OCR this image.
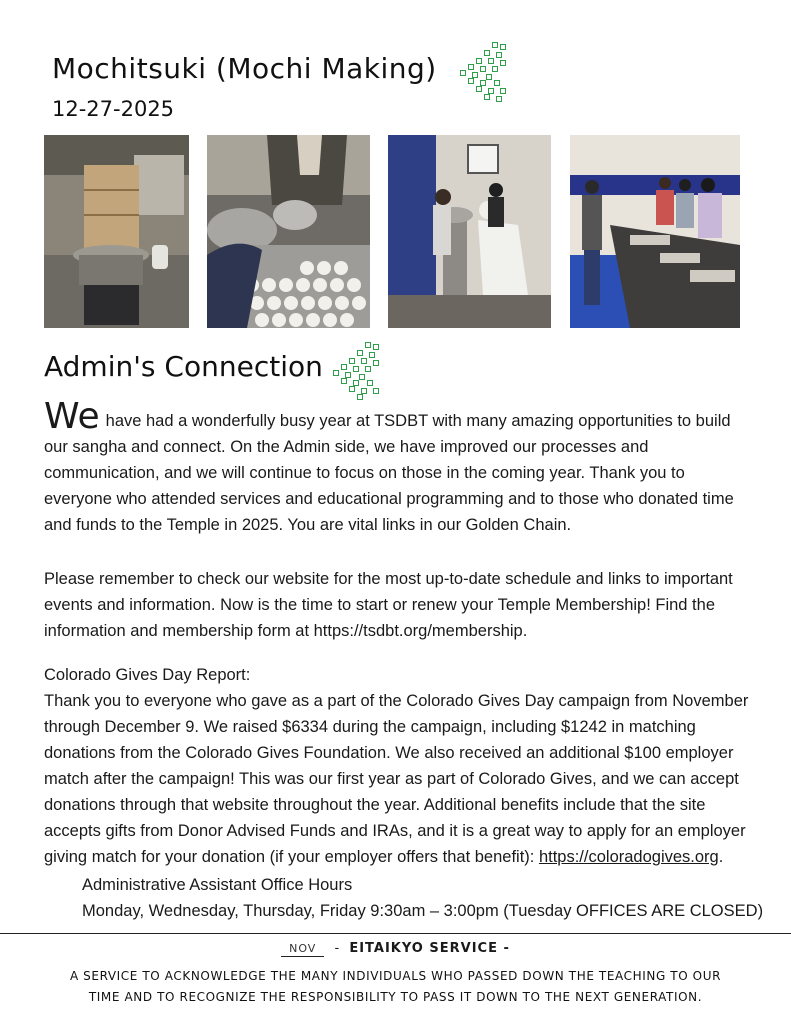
Mochitsuki (Mochi Making)
12-27-2025
Admin's Connection
We have had a wonderfully busy year at TSDBT with many amazing opportunities to build our sangha and connect. On the Admin side, we have improved our processes and communication, and we will continue to focus on those in the coming year. Thank you to everyone who attended services and educational programming and to those who donated time and funds to the Temple in 2025. You are vital links in our Golden Chain.
Please remember to check our website for the most up-to-date schedule and links to important events and information. Now is the time to start or renew your Temple Membership! Find the information and membership form at https://tsdbt.org/membership.
Colorado Gives Day Report:
Thank you to everyone who gave as a part of the Colorado Gives Day campaign from November through December 9. We raised $6334 during the campaign, including $1242 in matching donations from the Colorado Gives Foundation. We also received an additional $100 employer match after the campaign! This was our first year as part of Colorado Gives, and we can accept donations through that website throughout the year. Additional benefits include that the site accepts gifts from Donor Advised Funds and IRAs, and it is a great way to apply for an employer giving match for your donation (if your employer offers that benefit): https://coloradogives.org.
Administrative Assistant Office Hours
Monday, Wednesday, Thursday, Friday 9:30am – 3:00pm (Tuesday OFFICES ARE CLOSED)
NOV - EITAIKYO SERVICE -
A SERVICE TO ACKNOWLEDGE THE MANY INDIVIDUALS WHO PASSED DOWN THE TEACHING TO OUR TIME AND TO RECOGNIZE THE RESPONSIBILITY TO PASS IT DOWN TO THE NEXT GENERATION.
